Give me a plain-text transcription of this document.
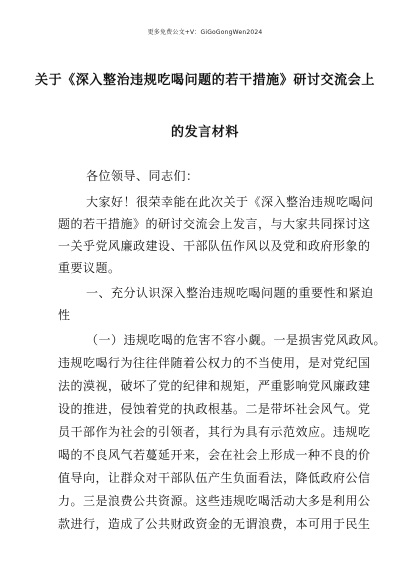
更多免费公文+V：GiGoGongWen2024
关于《深入整治违规吃喝问题的若干措施》研讨交流会上
的发言材料
各位领导、同志们：
大家好！很荣幸能在此次关于《深入整治违规吃喝问
题的若干措施》的研讨交流会上发言，与大家共同探讨这
一关乎党风廉政建设、干部队伍作风以及党和政府形象的
重要议题。
一、充分认识深入整治违规吃喝问题的重要性和紧迫
性
（一）违规吃喝的危害不容小觑。一是损害党风政风。
违规吃喝行为往往伴随着公权力的不当使用，是对党纪国
法的漠视，破坏了党的纪律和规矩，严重影响党风廉政建
设的推进，侵蚀着党的执政根基。二是带坏社会风气。党
员干部作为社会的引领者，其行为具有示范效应。违规吃
喝的不良风气若蔓延开来，会在社会上形成一种不良的价
值导向，让群众对干部队伍产生负面看法，降低政府公信
力。三是浪费公共资源。这些违规吃喝活动大多是利用公
款进行，造成了公共财政资金的无谓浪费，本可用于民生
